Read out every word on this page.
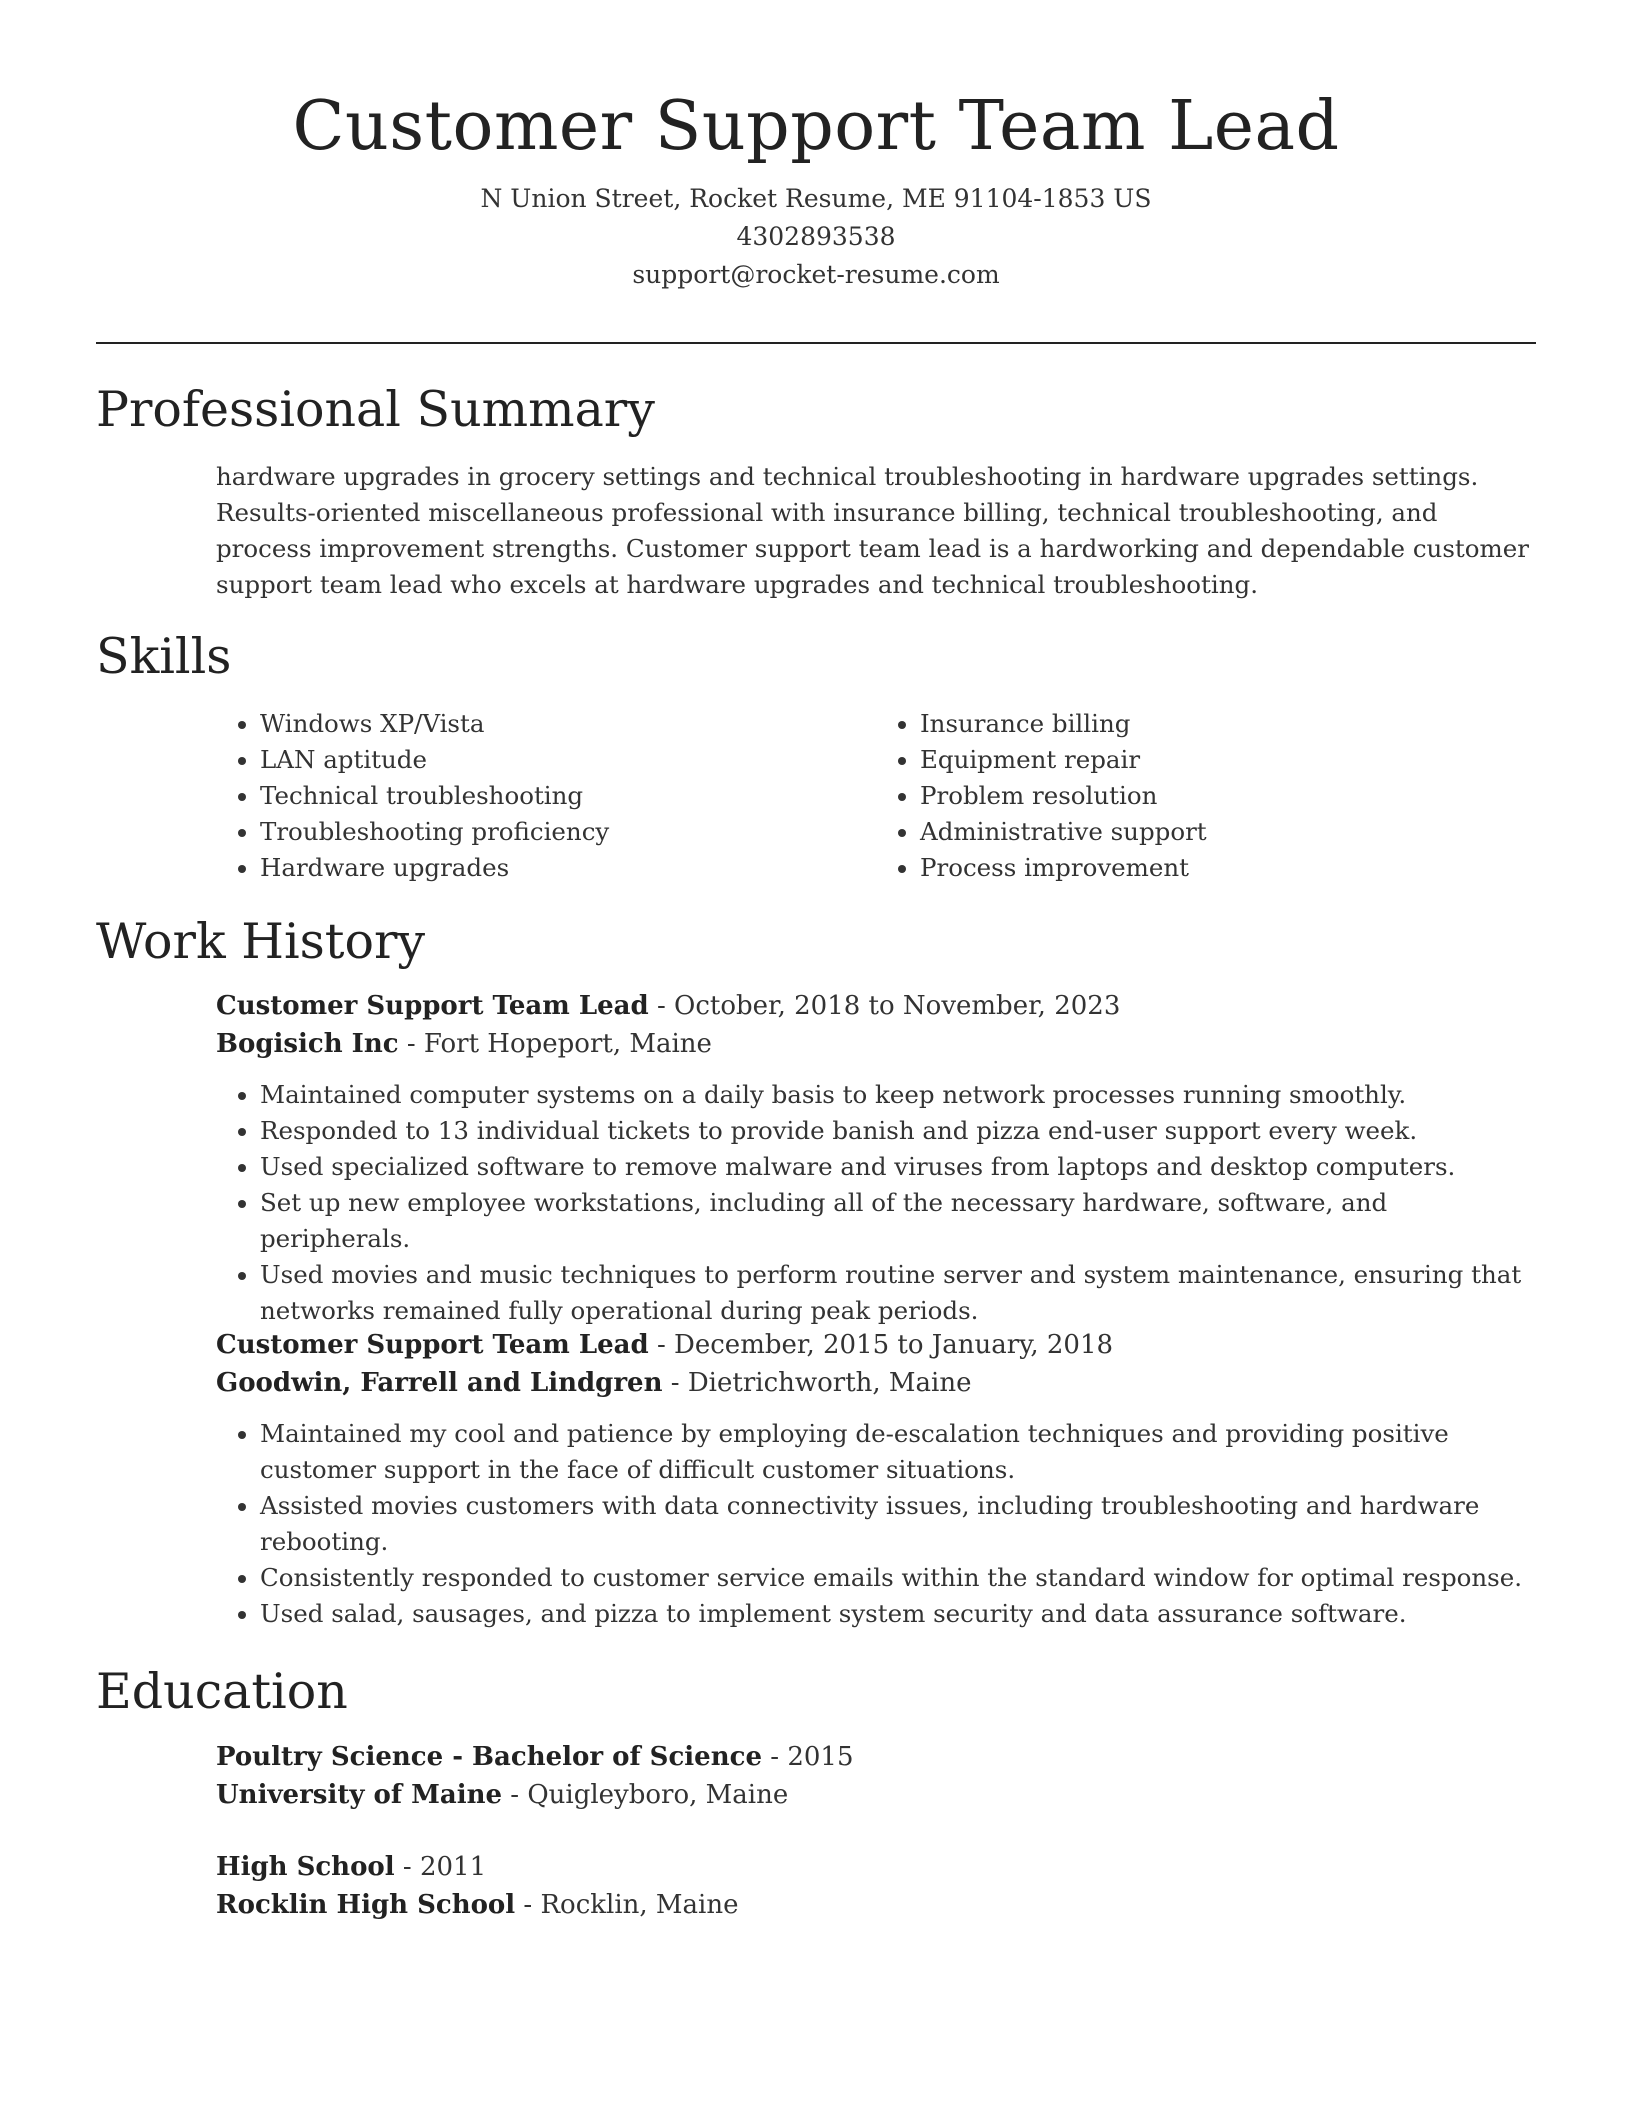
Customer Support Team Lead
N Union Street, Rocket Resume, ME 91104-1853 US
4302893538
support@rocket-resume.com
Professional Summary

hardware upgrades in grocery settings and technical troubleshooting in hardware upgrades settings. Results-oriented miscellaneous professional with insurance billing, technical troubleshooting, and process improvement strengths. Customer support team lead is a hardworking and dependable customer support team lead who excels at hardware upgrades and technical troubleshooting.

Skills
• Windows XP/Vista
• LAN aptitude
• Technical troubleshooting
• Troubleshooting proficiency
• Hardware upgrades
• Insurance billing
• Equipment repair
• Problem resolution
• Administrative support
• Process improvement
Work History
Customer Support Team Lead - October, 2018 to November, 2023
Bogisich Inc - Fort Hopeport, Maine
• Maintained computer systems on a daily basis to keep network processes running smoothly.
• Responded to 13 individual tickets to provide banish and pizza end-user support every week.
• Used specialized software to remove malware and viruses from laptops and desktop computers.
• Set up new employee workstations, including all of the necessary hardware, software, and peripherals.
• Used movies and music techniques to perform routine server and system maintenance, ensuring that networks remained fully operational during peak periods.
Customer Support Team Lead - December, 2015 to January, 2018
Goodwin, Farrell and Lindgren - Dietrichworth, Maine
• Maintained my cool and patience by employing de-escalation techniques and providing positive customer support in the face of difficult customer situations.
• Assisted movies customers with data connectivity issues, including troubleshooting and hardware rebooting.
• Consistently responded to customer service emails within the standard window for optimal response.
• Used salad, sausages, and pizza to implement system security and data assurance software.
Education
Poultry Science - Bachelor of Science - 2015
University of Maine - Quigleyboro, Maine
High School - 2011
Rocklin High School - Rocklin, Maine
